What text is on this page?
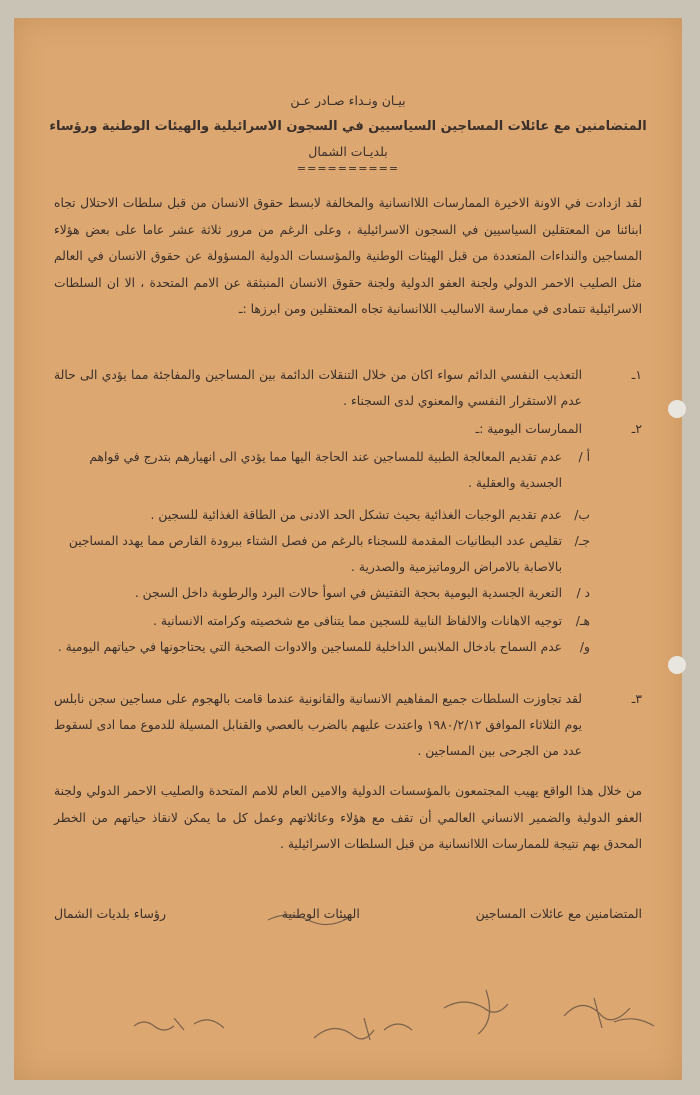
بيـان ونـداء صـادر عـن
المتضامنين مع عائلات المساجين السياسيين في السجون الاسرائيلية والهيئات الوطنية ورؤساء
بلديـات الشمال
==========
لقد ازدادت في الاونة الاخيرة الممارسات اللاانسانية والمخالفة لابسط حقوق الانسان من قبل سلطات الاحتلال تجاه ابنائنا من المعتقلين السياسيين في السجون الاسرائيلية ، وعلى الرغم من مرور ثلاثة عشر عاما على بعض هؤلاء المساجين والنداءات المتعددة من قبل الهيئات الوطنية والمؤسسات الدولية المسؤولة عن حقوق الانسان في العالم مثل الصليب الاحمر الدولي ولجنة العفو الدولية ولجنة حقوق الانسان المنبثقة عن الامم المتحدة ، الا ان السلطات الاسرائيلية تتمادى في ممارسة الاساليب اللاانسانية تجاه المعتقلين ومن ابرزها :ـ
١ـ
التعذيب النفسي الدائم سواء اكان من خلال التنقلات الدائمة بين المساجين والمفاجئة مما يؤدي الى حالة عدم الاستقرار النفسي والمعنوي لدى السجناء .
٢ـ
الممارسات اليومية :ـ
أ /
عدم تقديم المعالجة الطبية للمساجين عند الحاجة اليها مما يؤدي الى انهيارهم بتدرج في قواهم الجسدية والعقلية .
ب/
عدم تقديم الوجبات الغذائية بحيث تشكل الحد الادنى من الطاقة الغذائية للسجين .
جـ/
تقليص عدد البطانيات المقدمة للسجناء بالرغم من فصل الشتاء ببرودة القارص مما يهدد المساجين بالاصابة بالامراض الروماتيزمية والصدرية .
د /
التعرية الجسدية اليومية بحجة التفتيش في اسوأ حالات البرد والرطوبة داخل السجن .
هـ/
توجيه الاهانات والالفاظ النابية للسجين مما يتنافى مع شخصيته وكرامته الانسانية .
و/
عدم السماح بادخال الملابس الداخلية للمساجين والادوات الصحية التي يحتاجونها في حياتهم اليومية .
٣ـ
لقد تجاوزت السلطات جميع المفاهيم الانسانية والقانونية عندما قامت بالهجوم على مساجين سجن نابلس يوم الثلاثاء الموافق ١٩٨٠/٢/١٢ واعتدت عليهم بالضرب بالعصي والقنابل المسيلة للدموع مما ادى لسقوط عدد من الجرحى بين المساجين .
من خلال هذا الواقع يهيب المجتمعون بالمؤسسات الدولية والامين العام للامم المتحدة والصليب الاحمر الدولي ولجنة العفو الدولية والضمير الانساني العالمي أن تقف مع هؤلاء وعائلاتهم وعمل كل ما يمكن لانقاذ حياتهم من الخطر المحدق بهم نتيجة للممارسات اللاانسانية من قبل السلطات الاسرائيلية .
المتضامنين مع عائلات المساجين
الهيئات الوطنية
رؤساء بلديات الشمال
